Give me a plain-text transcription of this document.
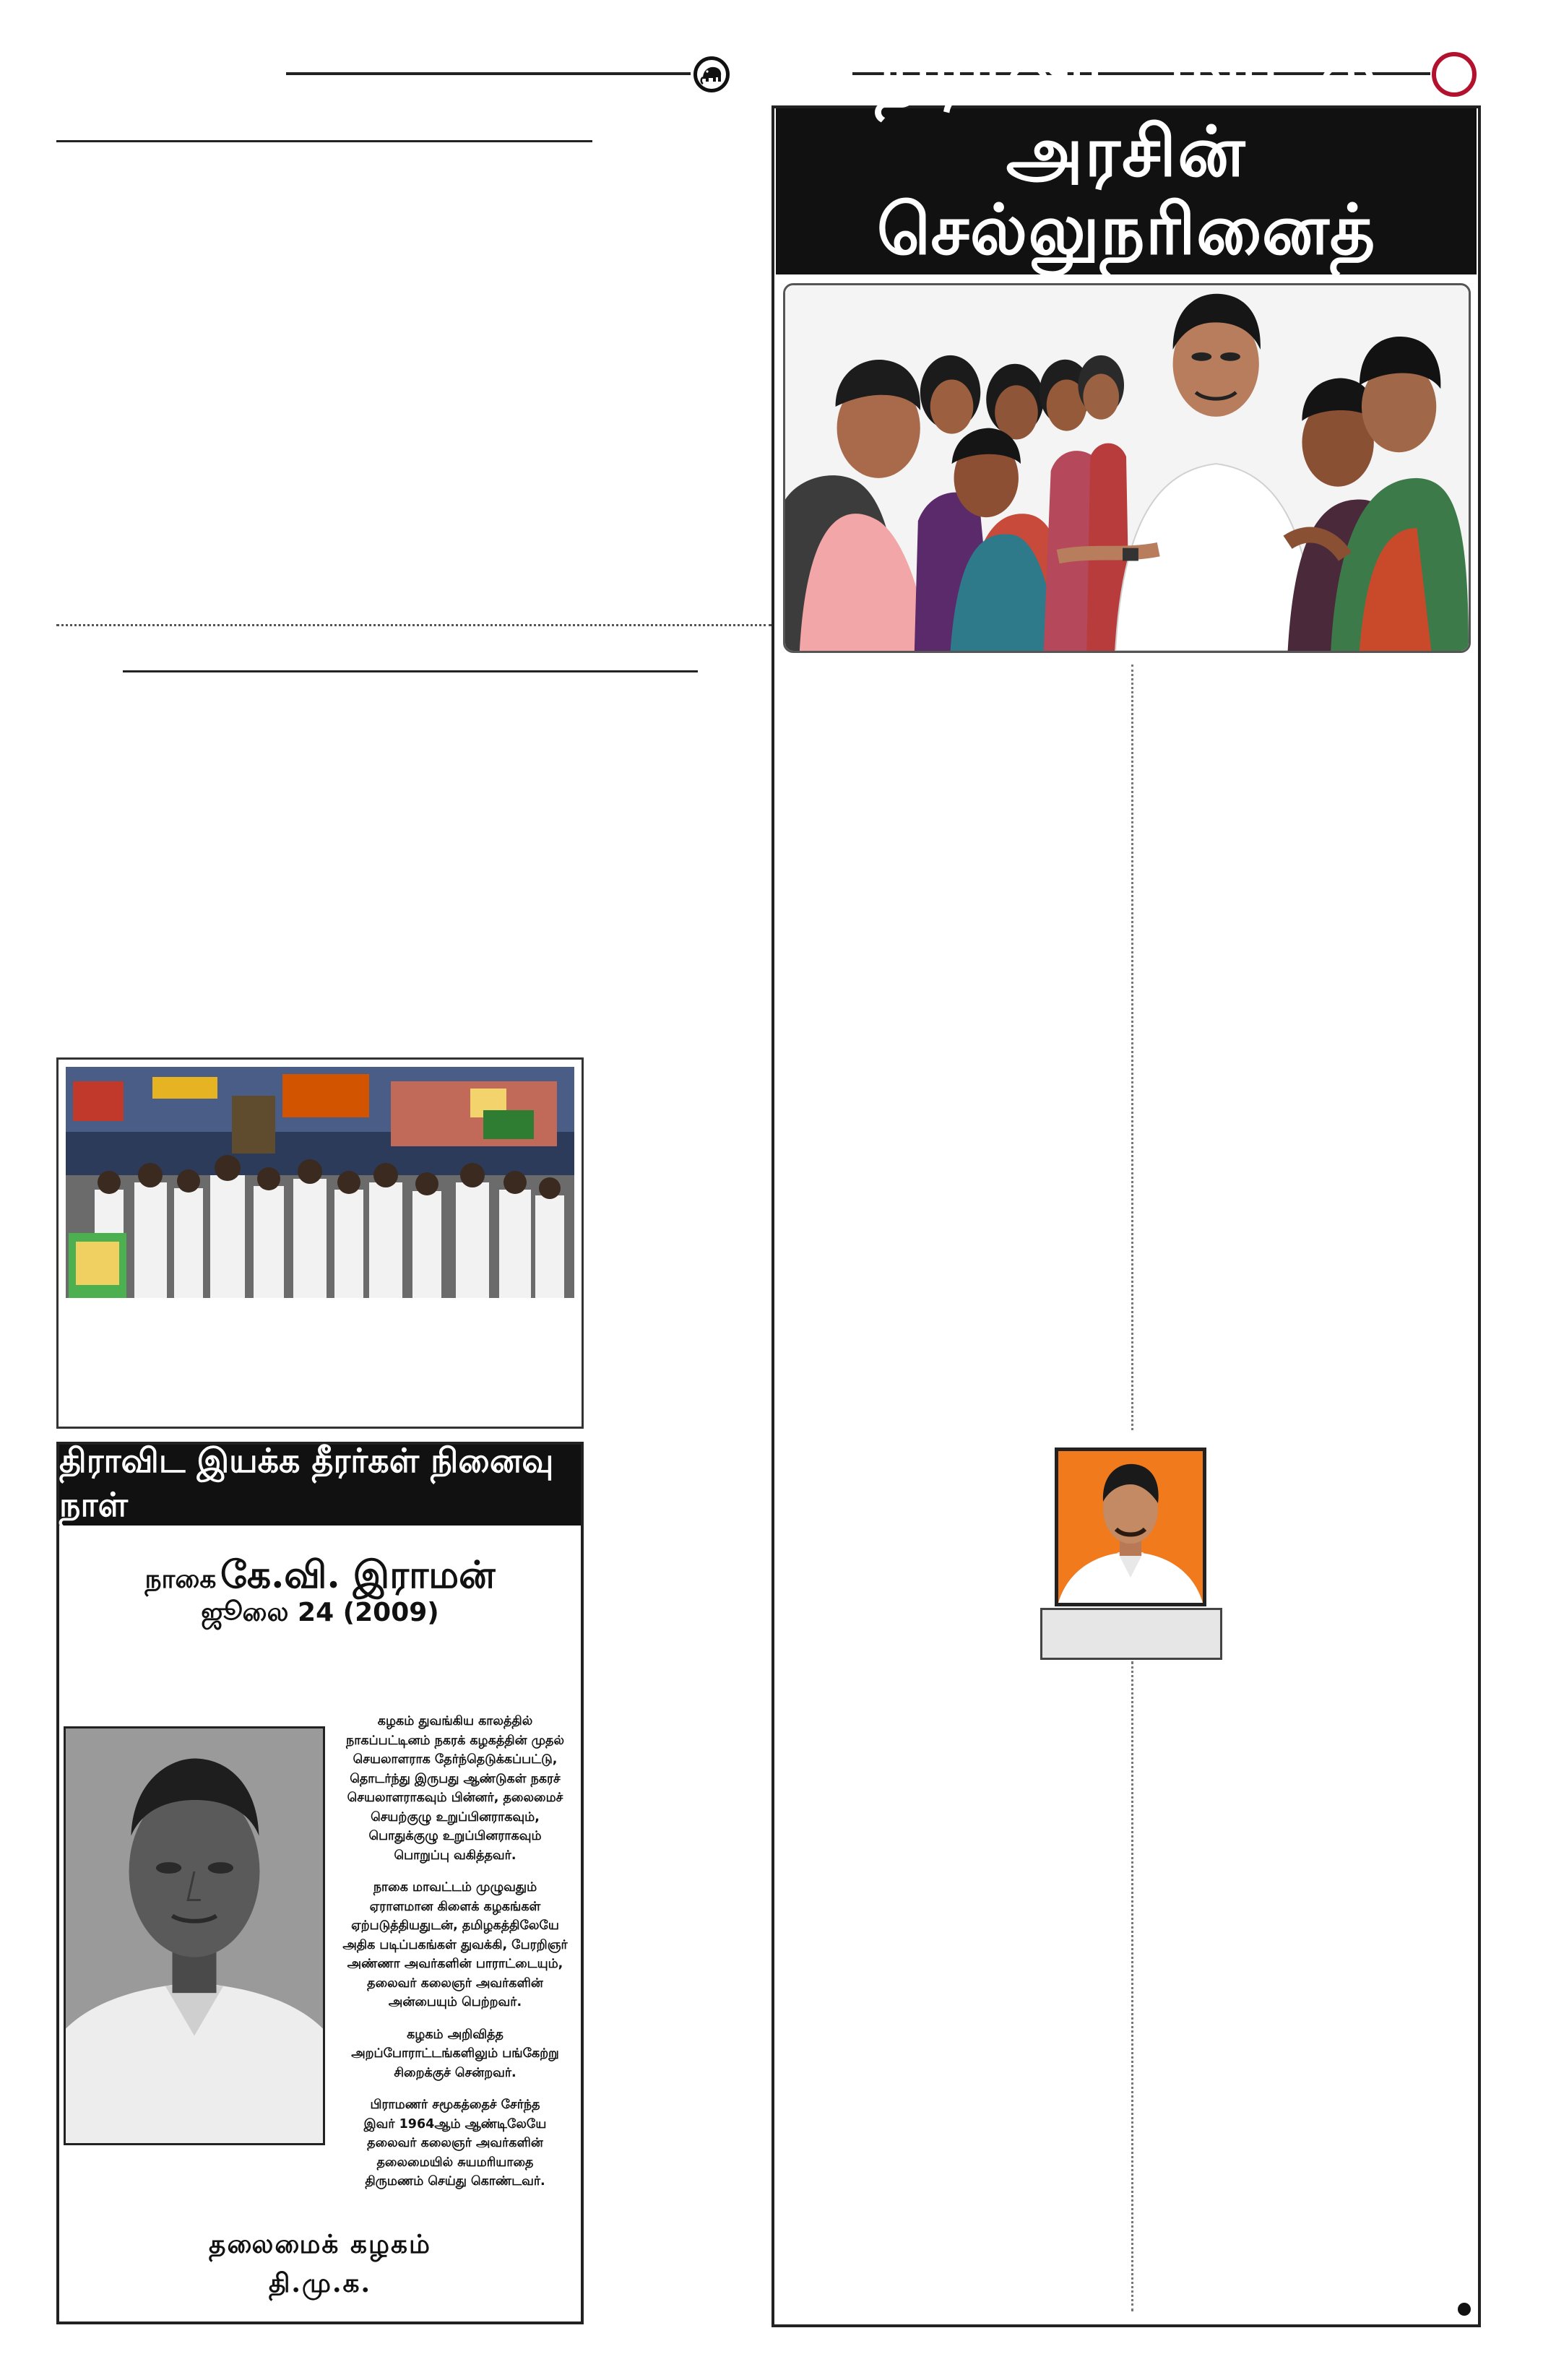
திராவிட இயக்க தீரர்கள் நினைவு நாள்
நாகை கே.வி. இராமன்
ஜூலை 24 (2009)

கழகம் துவங்கிய காலத்தில்
நாகப்பட்டினம் நகரக் கழகத்தின் முதல்
செயலாளராக தேர்ந்தெடுக்கப்பட்டு,
தொடர்ந்து இருபது ஆண்டுகள் நகரச்
செயலாளராகவும் பின்னர், தலைமைச்
செயற்குழு உறுப்பினராகவும்,
பொதுக்குழு உறுப்பினராகவும்
பொறுப்பு வகித்தவர்.

நாகை மாவட்டம் முழுவதும்
ஏராளமான கிளைக் கழகங்கள்
ஏற்படுத்தியதுடன், தமிழகத்திலேயே
அதிக படிப்பகங்கள் துவக்கி, பேரறிஞர்
அண்ணா அவர்களின் பாராட்டையும்,
தலைவர் கலைஞர் அவர்களின்
அன்பையும் பெற்றவர்.

கழகம் அறிவித்த
அறப்போராட்டங்களிலும் பங்கேற்று
சிறைக்குச் சென்றவர்.

பிராமணர் சமூகத்தைச் சேர்ந்த
இவர் 1964ஆம் ஆண்டிலேயே
தலைவர் கலைஞர் அவர்களின்
தலைமையில் சுயமரியாதை
திருமணம் செய்து கொண்டவர்.

தலைமைக் கழகம்
தி.மு.க.
‘திராவிட மாடல்’ அரசின்
செல்லுநரினைத்
